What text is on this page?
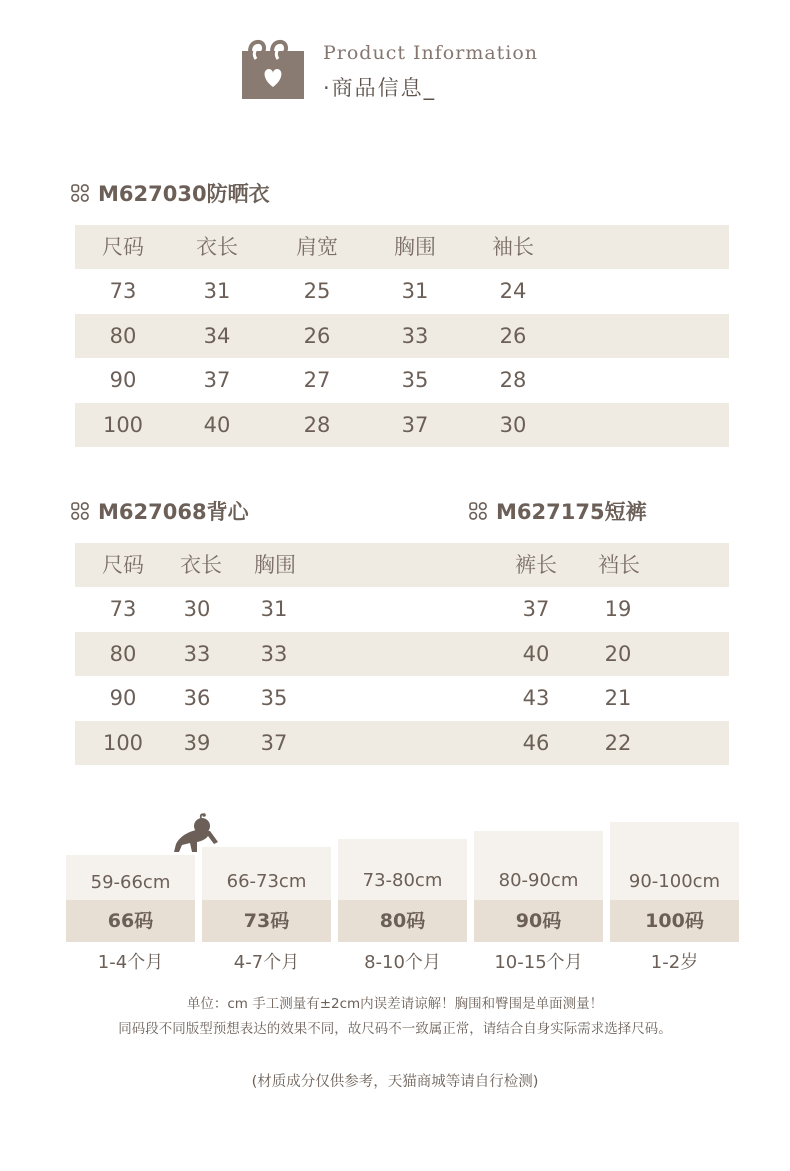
Product Information
·商品信息_
M627030防晒衣
尺码 衣长	肩宽	胸围	袖长
73	31	25	31	24
80	34	26	33	26
90	37	27	35	28
100	40	28	37	30
M627068背心	M627175短裤
尺码 衣长 胸围	裤长 裆长
73 30 31	37	19
80 33 33	40	20
90 36 35	43	21
100 39 37	46	22
59-66cm
66码
1-4个月
66-73cm
73码
4-7个月
73-80cm
80码
8-10个月
80-90cm
90码
10-15个月
90-100cm
100码
1-2岁
单位：cm 手工测量有±2cm内误差请谅解！胸围和臀围是单面测量！
同码段不同版型预想表达的效果不同，故尺码不一致属正常，请结合自身实际需求选择尺码。
(材质成分仅供参考，天猫商城等请自行检测)
